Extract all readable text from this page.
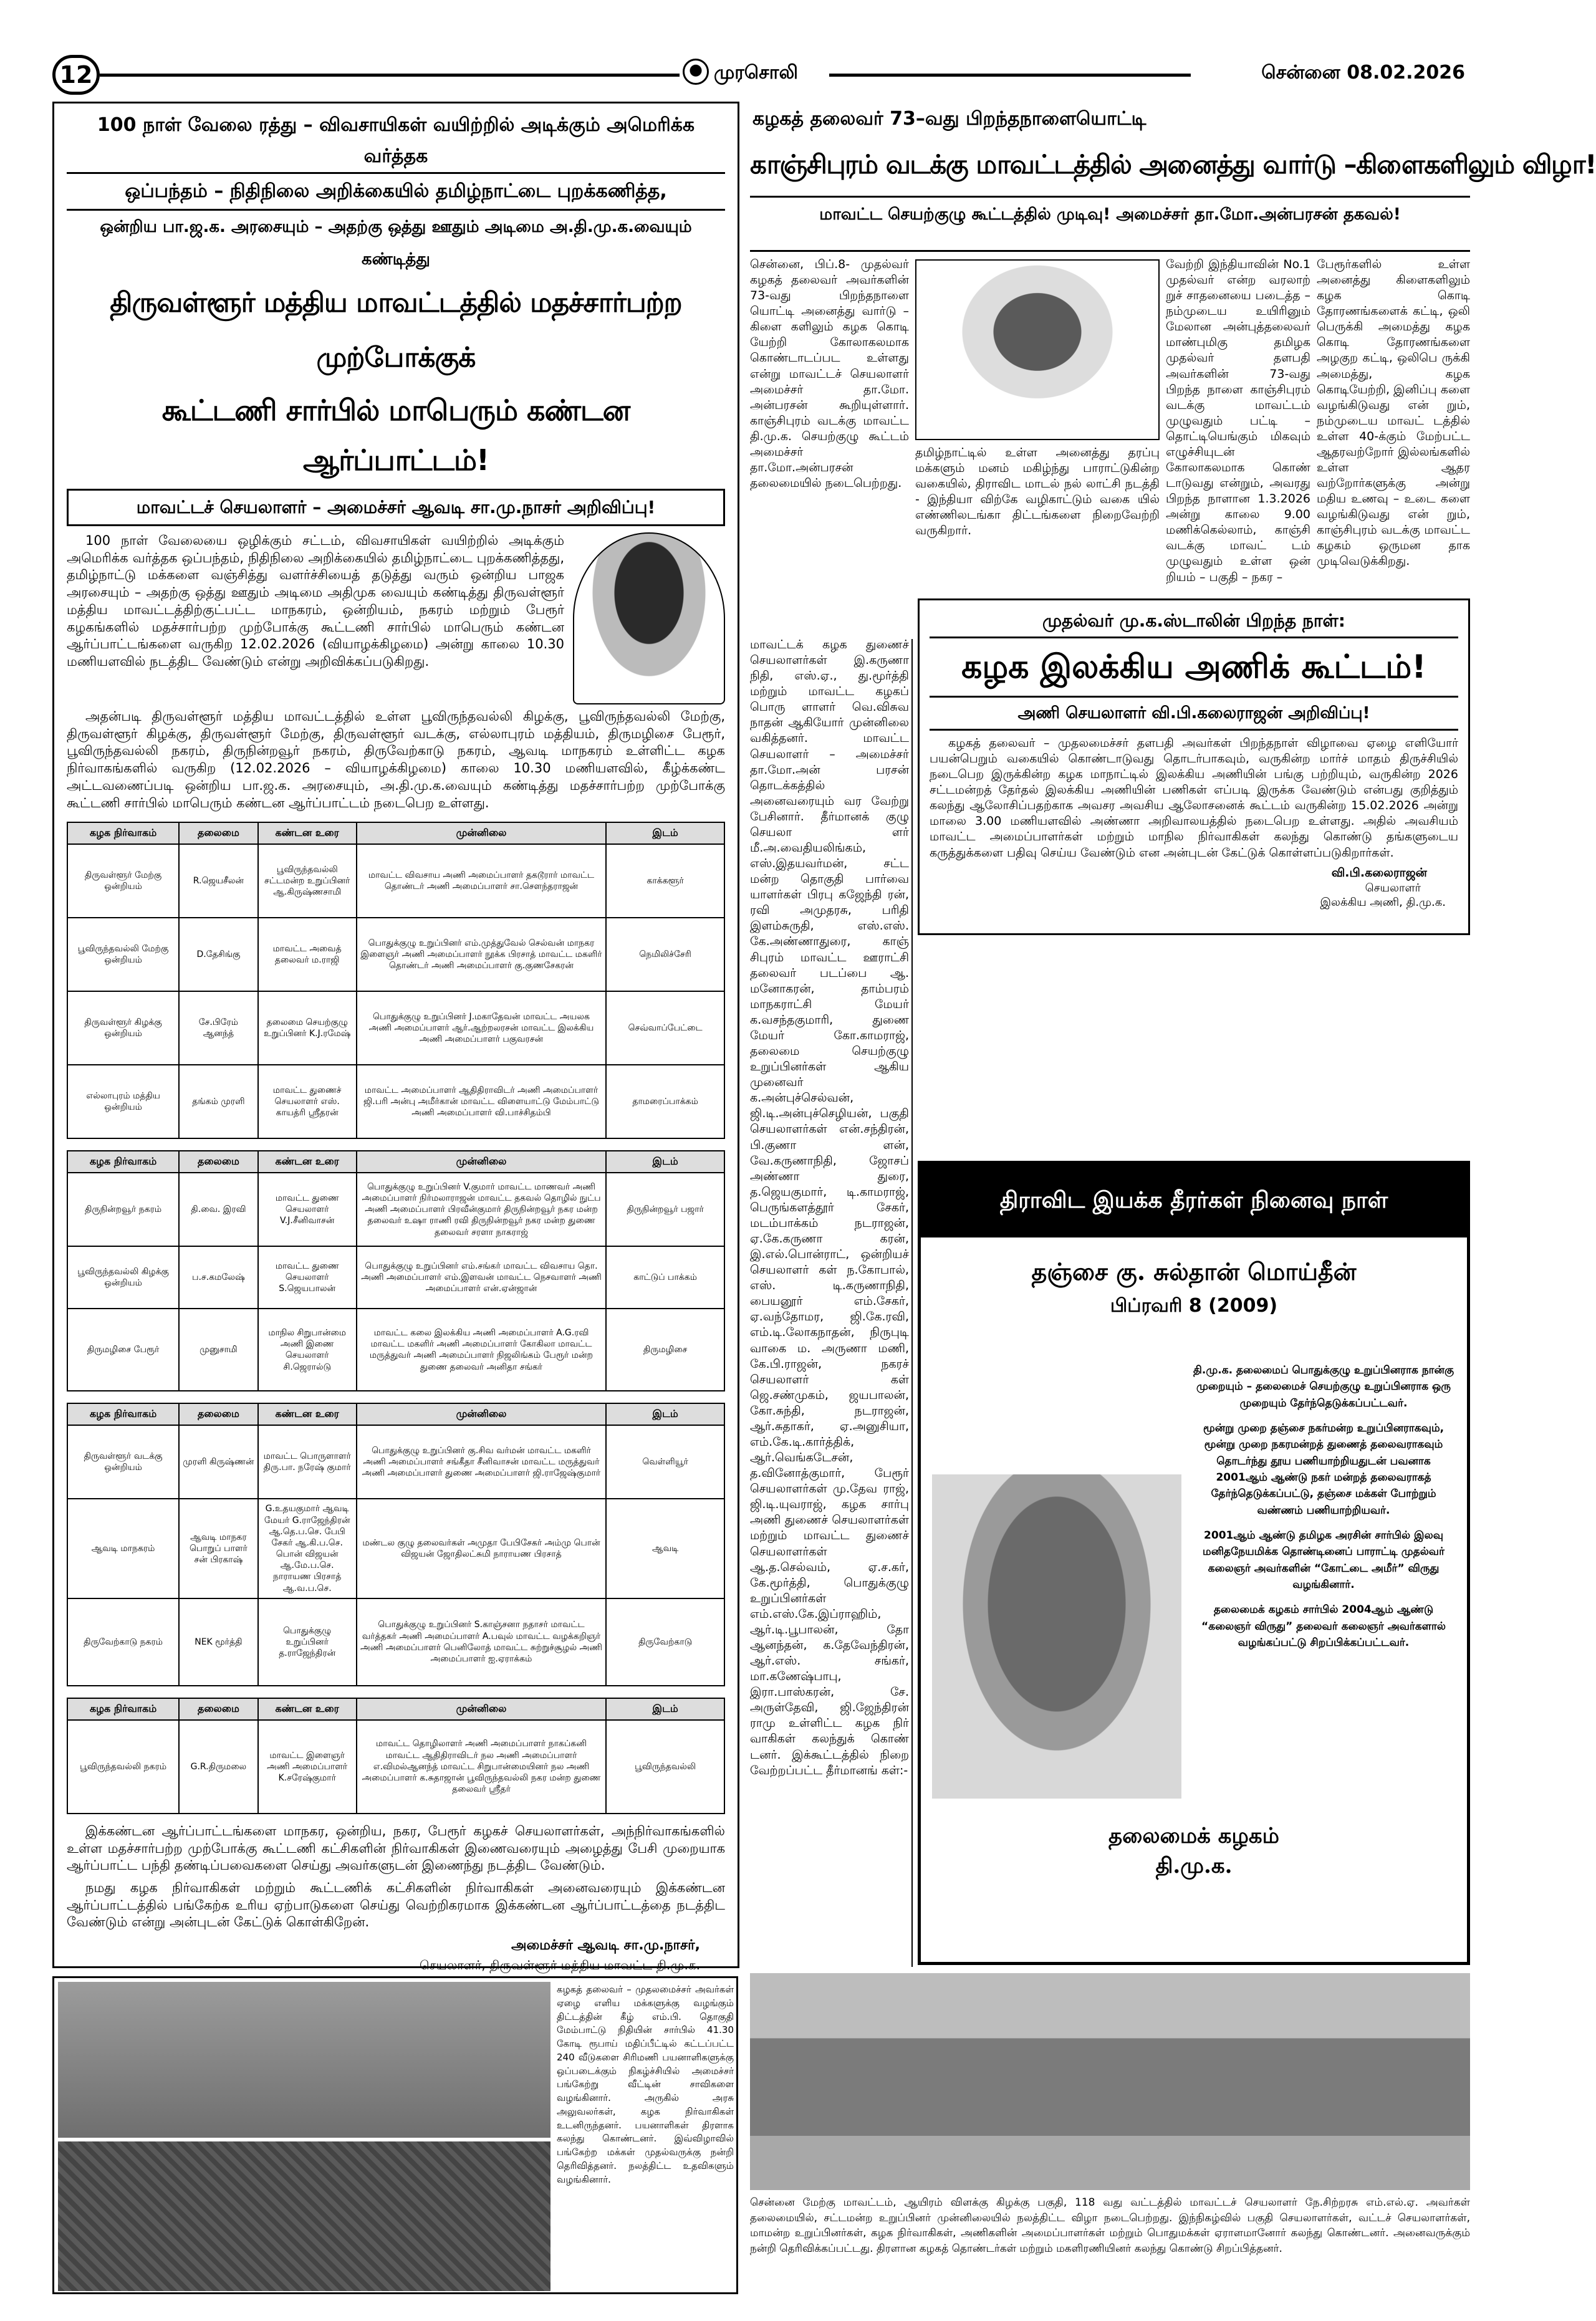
12	முரசொலி	சென்னை 08.02.2026
100 நாள் வேலை ரத்து – விவசாயிகள் வயிற்றில் அடிக்கும் அமெரிக்க வர்த்தக
ஒப்பந்தம் – நிதிநிலை அறிக்கையில் தமிழ்நாட்டை புறக்கணித்த,
ஒன்றிய பா.ஜ.க. அரசையும் – அதற்கு ஒத்து ஊதும் அடிமை அ.தி.மு.க.வையும் கண்டித்து
திருவள்ளூர் மத்திய மாவட்டத்தில் மதச்சார்பற்ற முற்போக்குக்
கூட்டணி சார்பில் மாபெரும் கண்டன ஆர்ப்பாட்டம்!
மாவட்டச் செயலாளர் – அமைச்சர் ஆவடி சா.மு.நாசர் அறிவிப்பு!
100 நாள் வேலையை ஒழிக்கும் சட்டம், விவசாயிகள் வயிற்றில் அடிக்கும் அமெரிக்க வர்த்தக ஒப்பந்தம், நிதிநிலை அறிக்கையில் தமிழ்நாட்டை புறக்கணித்தது, தமிழ்நாட்டு மக்களை வஞ்சித்து வளர்ச்சியைத் தடுத்து வரும் ஒன்றிய பாஜக அரசையும் – அதற்கு ஒத்து ஊதும் அடிமை அதிமுக வையும் கண்டித்து திருவள்ளூர் மத்திய மாவட்டத்திற்குட்பட்ட மாநகரம், ஒன்றியம், நகரம் மற்றும் பேரூர் கழகங்களில் மதச்சார்பற்ற முற்போக்கு கூட்டணி சார்பில் மாபெரும் கண்டன ஆர்ப்பாட்டங்களை வருகிற 12.02.2026 (வியாழக்கிழமை) அன்று காலை 10.30 மணியளவில் நடத்திட வேண்டும் என்று அறிவிக்கப்படுகிறது.
அதன்படி திருவள்ளூர் மத்திய மாவட்டத்தில் உள்ள பூவிருந்தவல்லி கிழக்கு, பூவிருந்தவல்லி மேற்கு, திருவள்ளூர் கிழக்கு, திருவள்ளூர் மேற்கு, திருவள்ளூர் வடக்கு, எல்லாபுரம் மத்தியம், திருமழிசை பேரூர், பூவிருந்தவல்லி நகரம், திருநின்றவூர் நகரம், திருவேற்காடு நகரம், ஆவடி மாநகரம் உள்ளிட்ட கழக நிர்வாகங்களில் வருகிற (12.02.2026 – வியாழக்கிழமை) காலை 10.30 மணியளவில், கீழ்க்கண்ட அட்டவணைப்படி ஒன்றிய பா.ஜ.க. அரசையும், அ.தி.மு.க.வையும் கண்டித்து மதச்சார்பற்ற முற்போக்கு கூட்டணி சார்பில் மாபெரும் கண்டன ஆர்ப்பாட்டம் நடைபெற உள்ளது.
கழக நிர்வாகம்	தலைமை	கண்டன உரை	முன்னிலை	இடம்
திருவள்ளூர் மேற்கு ஒன்றியம்	R.ஜெயசீலன்	பூவிருந்தவல்லி சட்டமன்ற உறுப்பினர் ஆ.கிருஷ்ணசாமி	மாவட்ட விவசாய அணி அமைப்பாளர் தகடூரார் மாவட்ட தொண்டர் அணி அமைப்பாளர் சா.செளந்தராஜன்	காக்களூர்
பூவிருந்தவல்லி மேற்கு ஒன்றியம்	D.தேசிங்கு	மாவட்ட அவைத் தலைவர் ம.ராஜி	பொதுக்குழு உறுப்பினர் எம்.முத்துவேல் செல்வன் மாநகர இளைஞர் அணி அமைப்பாளர் நூக்க பிரசாத் மாவட்ட மகளிர் தொண்டர் அணி அமைப்பாளர் கு.குணசேகரன்	நெமிலிச்சேரி
திருவள்ளூர் கிழக்கு ஒன்றியம்	சே.பிரேம் ஆனந்த்	தலைமை செயற்குழு உறுப்பினர் K.J.ரமேஷ்	பொதுக்குழு உறுப்பினர் J.மகாதேவன் மாவட்ட அயலக அணி அமைப்பாளர் ஆர்.ஆற்றலரசன் மாவட்ட இலக்கிய அணி அமைப்பாளர் பகுவரசன்	செவ்வாப்பேட்டை
எல்லாபுரம் மத்திய ஒன்றியம்	தங்கம் முரளி	மாவட்ட துணைச் செயலாளர் எஸ். காயத்ரி ஸ்ரீதரன்	மாவட்ட அமைப்பாளர் ஆதிதிராவிடர் அணி அமைப்பாளர் ஜி.பரி அன்பு அமீர்கான் மாவட்ட விளையாட்டு மேம்பாட்டு அணி அமைப்பாளர் வி.பாச்சிதம்பி	தாமரைப்பாக்கம்
கழக நிர்வாகம்	தலைமை	கண்டன உரை	முன்னிலை	இடம்
திருநின்றவூர் நகரம்	தி.வை. இரவி	மாவட்ட துணை செயலாளர் V.J.சீனிவாசன்	பொதுக்குழு உறுப்பினர் V.குமார் மாவட்ட மாணவர் அணி அமைப்பாளர் நிர்மலாராஜன் மாவட்ட தகவல் தொழில் நுட்ப அணி அமைப்பாளர் பிரவீன்குமார் திருநின்றவூர் நகர மன்ற தலைவர் உஷா ராணி ரவி திருநின்றவூர் நகர மன்ற துணை தலைவர் சரளா நாகராஜ்	திருநின்றவூர் பஜார்
பூவிருந்தவல்லி கிழக்கு ஒன்றியம்	ப.ச.கமலேஷ்	மாவட்ட துணை செயலாளர் S.ஜெயபாலன்	பொதுக்குழு உறுப்பினர் எம்.சங்கர் மாவட்ட விவசாய தொ. அணி அமைப்பாளர் எம்.இளவன் மாவட்ட நெசவாளர் அணி அமைப்பாளர் என்.ஏன்ஜான்	காட்டுப் பாக்கம்
திருமழிசை பேரூர்	முனுசாமி	மாநில சிறுபான்மை அணி இணை செயலாளர் சி.ஜெரால்டு	மாவட்ட கலை இலக்கிய அணி அமைப்பாளர் A.G.ரவி மாவட்ட மகளிர் அணி அமைப்பாளர் கோகிலா மாவட்ட மருத்துவர் அணி அமைப்பாளர் நிஜலிங்கம் பேரூர் மன்ற துணை தலைவர் அனிதா சங்கர்	திருமழிசை
கழக நிர்வாகம்	தலைமை	கண்டன உரை	முன்னிலை	இடம்
திருவள்ளூர் வடக்கு ஒன்றியம்	முரளி கிருஷ்ணன்	மாவட்ட பொருளாளர் திரு.பா. நரேஷ் குமார்	பொதுக்குழு உறுப்பினர் கு.சிவ வர்மன் மாவட்ட மகளிர் அணி அமைப்பாளர் சங்கீதா சீனிவாசன் மாவட்ட மருத்துவர் அணி அமைப்பாளர் துணை அமைப்பாளர் ஜி.ராஜேஷ்குமார்	வெள்ளியூர்
ஆவடி மாநகரம்	ஆவடி மாநகர பொறுப் பாளர் சன் பிரகாஷ்	G.உதயகுமார் ஆவடி மேயர் G.ராஜேந்திரன் ஆ.தெ.ப.செ. பேபி சேகர் ஆ.கி.ப.செ. பொன் விஜயன் ஆ.மே.ப.செ. நாராயண பிரசாத் ஆ.வ.ப.செ.	மண்டல குழு தலைவர்கள் அமுதா பேபிசேகர் அம்மு பொன் விஜயன் ஜோதிலட்சுமி நாராயண பிரசாத்	ஆவடி
திருவேற்காடு நகரம்	NEK மூர்த்தி	பொதுக்குழு உறுப்பினர் த.ராஜேந்திரன்	பொதுக்குழு உறுப்பினர் S.காஞ்சனா நதாசர் மாவட்ட வர்த்தகர் அணி அமைப்பாளர் A.பவுல் மாவட்ட வழக்கறிஞர் அணி அமைப்பாளர் பெனிலோத் மாவட்ட சுற்றுச்சூழல் அணி அமைப்பாளர் ஐ.ஏராக்கம்	திருவேற்காடு
கழக நிர்வாகம்	தலைமை	கண்டன உரை	முன்னிலை	இடம்
பூவிருந்தவல்லி நகரம்	G.R.திருமலை	மாவட்ட இளைஞர் அணி அமைப்பாளர் K.சரேஷ்குமார்	மாவட்ட தொழிலாளர் அணி அமைப்பாளர் நாகப்கனி மாவட்ட ஆதிதிராவிடர் நல அணி அமைப்பாளர் எ.விமல்ஆனந்த் மாவட்ட சிறுபான்மையினர் நல அணி அமைப்பாளர் க.சுதாஜான் பூவிருந்தவல்லி நகர மன்ற துணை தலைவர் ஸ்ரீதர்	பூவிருந்தவல்லி
இக்கண்டன ஆர்ப்பாட்டங்களை மாநகர, ஒன்றிய, நகர, பேரூர் கழகச் செயலாளர்கள், அந்நிர்வாகங்களில் உள்ள மதச்சார்பற்ற முற்போக்கு கூட்டணி கட்சிகளின் நிர்வாகிகள் இணைவரையும் அழைத்து பேசி முறையாக ஆர்ப்பாட்ட பந்தி தண்டிப்பவைகளை செய்து அவர்களுடன் இணைந்து நடத்திட வேண்டும்.
நமது கழக நிர்வாகிகள் மற்றும் கூட்டணிக் கட்சிகளின் நிர்வாகிகள் அனைவரையும் இக்கண்டன ஆர்ப்பாட்டத்தில் பங்கேற்க உரிய ஏற்பாடுகளை செய்து வெற்றிகரமாக இக்கண்டன ஆர்ப்பாட்டத்தை நடத்திட வேண்டும் என்று அன்புடன் கேட்டுக் கொள்கிறேன்.
அமைச்சர் ஆவடி சா.மு.நாசர்,
செயலாளர், திருவள்ளூர் மத்திய மாவட்ட தி.மு.க.
கழகத் தலைவர் 73–வது பிறந்தநாளையொட்டி
காஞ்சிபுரம் வடக்கு மாவட்டத்தில் அனைத்து வார்டு –கிளைகளிலும் விழா!
மாவட்ட செயற்குழு கூட்டத்தில் முடிவு! அமைச்சர் தா.மோ.அன்பரசன் தகவல்!
சென்னை, பிப்.8- முதல்வர் கழகத் தலைவர் அவர்களின் 73-வது பிறந்தநாளை யொட்டி அனைத்து வார்டு – கிளை களிலும் கழக கொடி யேற்றி கோலாகலமாக கொண்டாடப்பட உள்ளது என்று மாவட்டச் செயலாளர் அமைச்சர் தா.மோ. அன்பரசன் கூறியுள்ளார். காஞ்சிபுரம் வடக்கு மாவட்ட தி.மு.க. செயற்குழு கூட்டம் அமைச்சர் தா.மோ.அன்பரசன் தலைமையில் நடைபெற்றது.
தமிழ்நாட்டில் உள்ள அனைத்து தரப்பு மக்களும் மனம் மகிழ்ந்து பாராட்டுகின்ற வகையில், திராவிட மாடல் நல் லாட்சி நடத்தி - இந்தியா விற்கே வழிகாட்டும் வகை யில் எண்ணிலடங்கா திட்டங்களை நிறைவேற்றி வருகிறார்.
வேற்றி இந்தியாவின் No.1 முதல்வர் என்ற வரலாற் றுச் சாதனையை படைத்த – நம்முடைய உயிரினும் மேலான அன்புத்தலைவர் மாண்புமிகு தமிழக முதல்வர் தளபதி அவர்களின் 73-வது பிறந்த நாளை காஞ்சிபுரம் வடக்கு மாவட்டம் முழுவதும் பட்டி – தொட்டியெங்கும் மிகவும் எழுச்சியுடன் கோலாகலமாக கொண் டாடுவது என்றும், அவரது பிறந்த நாளான 1.3.2026 அன்று காலை 9.00 மணிக்கெல்லாம், காஞ்சி வடக்கு மாவட் டம் முழுவதும் உள்ள ஒன் றியம் – பகுதி – நகர –
பேரூர்களில் உள்ள அனைத்து கிளைகளிலும் கழக கொடி தோரணங்களைக் கட்டி, ஒலி பெருக்கி அமைத்து கழக கொடி தோரணங்களை அழகுற கட்டி, ஒலிபெ ருக்கி அமைத்து, கழக கொடியேற்றி, இனிப்பு களை வழங்கிடுவது என் றும், நம்முடைய மாவட் டத்தில் உள்ள 40-க்கும் மேற்பட்ட ஆதரவற்றோர் இல்லங்களில் உள்ள ஆதர வற்றோர்களுக்கு அன்று மதிய உணவு – உடை களை வழங்கிடுவது என் றும், காஞ்சிபுரம் வடக்கு மாவட்ட கழகம் ஒருமன தாக முடிவெடுக்கிறது.
மாவட்டக் கழக துணைச் செயலாளர்கள் இ.கருணா நிதி, எஸ்.ஏ., து.மூர்த்தி மற்றும் மாவட்ட கழகப் பொரு ளாளர் வெ.விசுவ நாதன் ஆகியோர் முன்னிலை வகித்தனர். மாவட்ட செயலாளர் – அமைச்சர் தா.மோ.அன் பரசன் தொடக்கத்தில் அனைவரையும் வர வேற்று பேசினார். தீர்மானக் குழு செயலா ளர் மீ.அ.வைதியலிங்கம், எஸ்.இதயவர்மன், சட்ட மன்ற தொகுதி பார்வை யாளர்கள் பிரபு கஜேந்தி ரன், ரவி அமுதரசு, பரிதி இளம்சுருதி, எஸ்.எஸ். கே.அண்ணாதுரை, காஞ் சிபுரம் மாவட்ட ஊராட்சி தலைவர் படப்பை ஆ. மனோகரன், தாம்பரம் மாநகராட்சி மேயர் க.வசந்தகுமாரி, துணை மேயர் கோ.காமராஜ், தலைமை செயற்குழு உறுப்பினர்கள் ஆகிய முனைவர் க.அன்புச்செல்வன், ஜி.டி.அன்புச்செழியன், பகுதி செயலாளர்கள் என்.சந்திரன், பி.குணா ளன், வே.கருணாநிதி, ஜோசப் அண்ணா துரை, த.ஜெயகுமார், டி.காமராஜ், பெருங்களத்தூர் சேகர், மடம்பாக்கம் நடராஜன், ஏ.கே.கருணா கரன், இ.எல்.பொன்ராட், ஒன்றியச் செயலாளர் கள் ந.கோபால், எஸ். டி.கருணாநிதி, பையனூர் எம்.சேகர், ஏ.வந்தோமர, ஜி.கே.ரவி, எம்.டி.லோகநாதன், நிருபுடி வாகை ம. அருணா மணி, கே.பி.ராஜன், நகரச் செயலாளர் கள் ஜெ.சண்முகம், ஜயபாலன், கோ.சுந்தி, நடராஜன், ஆர்.சுதாகர், ஏ.அனுசியா, எம்.கே.டி.கார்த்திக், ஆர்.வெங்கடேசன், த.வினோத்குமார், பேரூர் செயலாளர்கள் மு.தேவ ராஜ், ஜி.டி.யுவராஜ், கழக சார்பு அணி துணைச் செயலாளர்கள் மற்றும் மாவட்ட துணைச் செயலாளர்கள் ஆ.த.செல்வம், ஏ.ச.கர், கே.மூர்த்தி, பொதுக்குழு உறுப்பினர்கள் எம்.எஸ்.கே.இப்ராஹிம், ஆர்.டி.பூபாலன், தோ ஆனந்தன், க.தேவேந்திரன், ஆர்.எஸ். சங்கர், மா.கணேஷ்பாபு, இரா.பாஸ்கரன், சே. அருள்தேவி, ஜி.ஜேந்திரன் ராமு உள்ளிட்ட கழக நிர் வாகிகள் கலந்துக் கொண் டனர். இக்கூட்டத்தில் நிறை வேற்றப்பட்ட தீர்மானங் கள்:-
முதல்வர் மு.க.ஸ்டாலின் பிறந்த நாள்:
கழக இலக்கிய அணிக் கூட்டம்!
அணி செயலாளர் வி.பி.கலைராஜன் அறிவிப்பு!
கழகத் தலைவர் – முதலமைச்சர் தளபதி அவர்கள் பிறந்தநாள் விழாவை ஏழை எளியோர் பயன்பெறும் வகையில் கொண்டாடுவது தொடர்பாகவும், வருகின்ற மார்ச் மாதம் திருச்சியில் நடைபெற இருக்கின்ற கழக மாநாட்டில் இலக்கிய அணியின் பங்கு பற்றியும், வருகின்ற 2026 சட்டமன்றத் தேர்தல் இலக்கிய அணியின் பணிகள் எப்படி இருக்க வேண்டும் என்பது குறித்தும் கலந்து ஆலோசிப்பதற்காக அவசர அவசிய ஆலோசனைக் கூட்டம் வருகின்ற 15.02.2026 அன்று மாலை 3.00 மணியளவில் அண்ணா அறிவாலயத்தில் நடைபெற உள்ளது. அதில் அவசியம் மாவட்ட அமைப்பாளர்கள் மற்றும் மாநில நிர்வாகிகள் கலந்து கொண்டு தங்களுடைய கருத்துக்களை பதிவு செய்ய வேண்டும் என அன்புடன் கேட்டுக் கொள்ளப்படுகிறார்கள்.
வி.பி.கலைராஜன்
செயலாளர்
இலக்கிய அணி, தி.மு.க.
திராவிட இயக்க தீரர்கள் நினைவு நாள்
தஞ்சை கு. சுல்தான் மொய்தீன்
பிப்ரவரி 8 (2009)
தி.மு.க. தலைமைப் பொதுக்குழு உறுப்பினராக நான்கு முறையும் – தலைமைச் செயற்குழு உறுப்பினராக ஒரு முறையும் தேர்ந்தெடுக்கப்பட்டவர்.
மூன்று முறை தஞ்சை நகர்மன்ற உறுப்பினராகவும், மூன்று முறை நகரமன்றத் துணைத் தலைவராகவும் தொடர்ந்து தூய பணியாற்றியதுடன் பவனாக 2001ஆம் ஆண்டு நகர் மன்றத் தலைவராகத் தேர்ந்தெடுக்கப்பட்டு, தஞ்சை மக்கள் போற்றும் வண்ணம் பணியாற்றியவர்.
2001ஆம் ஆண்டு தமிழக அரசின் சார்பில் இலவு மனிதநேயமிக்க தொண்டினைப் பாராட்டி முதல்வர் கலைஞர் அவர்களின் “கோட்டை அமீர்” விருது வழங்கினார்.
தலைமைக் கழகம் சார்பில் 2004ஆம் ஆண்டு “கலைஞர் விருது” தலைவர் கலைஞர் அவர்களால் வழங்கப்பட்டு சிறப்பிக்கப்பட்டவர்.
தலைமைக் கழகம்
தி.மு.க.
கழகத் தலைவர் – முதலமைச்சர் அவர்கள் ஏழை எளிய மக்களுக்கு வழங்கும் திட்டத்தின் கீழ் எம்.பி. தொகுதி மேம்பாட்டு நிதியின் சார்பில் 41.30 கோடி ரூபாய் மதிப்பீட்டில் கட்டப்பட்ட 240 வீடுகளை சிரிமணி பயனாளிகளுக்கு ஒப்படைக்கும் நிகழ்ச்சியில் அமைச்சர் பங்கேற்று வீட்டின் சாவிகளை வழங்கினார். அருகில் அரசு அலுவலர்கள், கழக நிர்வாகிகள் உடனிருந்தனர். பயனாளிகள் திரளாக கலந்து கொண்டனர். இவ்விழாவில் பங்கேற்ற மக்கள் முதல்வருக்கு நன்றி தெரிவித்தனர். நலத்திட்ட உதவிகளும் வழங்கினார்.
சென்னை மேற்கு மாவட்டம், ஆயிரம் விளக்கு கிழக்கு பகுதி, 118 வது வட்டத்தில் மாவட்டச் செயலாளர் நே.சிற்றரசு எம்.எல்.ஏ. அவர்கள் தலைமையில், சட்டமன்ற உறுப்பினர் முன்னிலையில் நலத்திட்ட விழா நடைபெற்றது. இந்நிகழ்வில் பகுதி செயலாளர்கள், வட்டச் செயலாளர்கள், மாமன்ற உறுப்பினர்கள், கழக நிர்வாகிகள், அணிகளின் அமைப்பாளர்கள் மற்றும் பொதுமக்கள் ஏராளமானோர் கலந்து கொண்டனர். அனைவருக்கும் நன்றி தெரிவிக்கப்பட்டது. திரளான கழகத் தொண்டர்கள் மற்றும் மகளிரணியினர் கலந்து கொண்டு சிறப்பித்தனர்.
